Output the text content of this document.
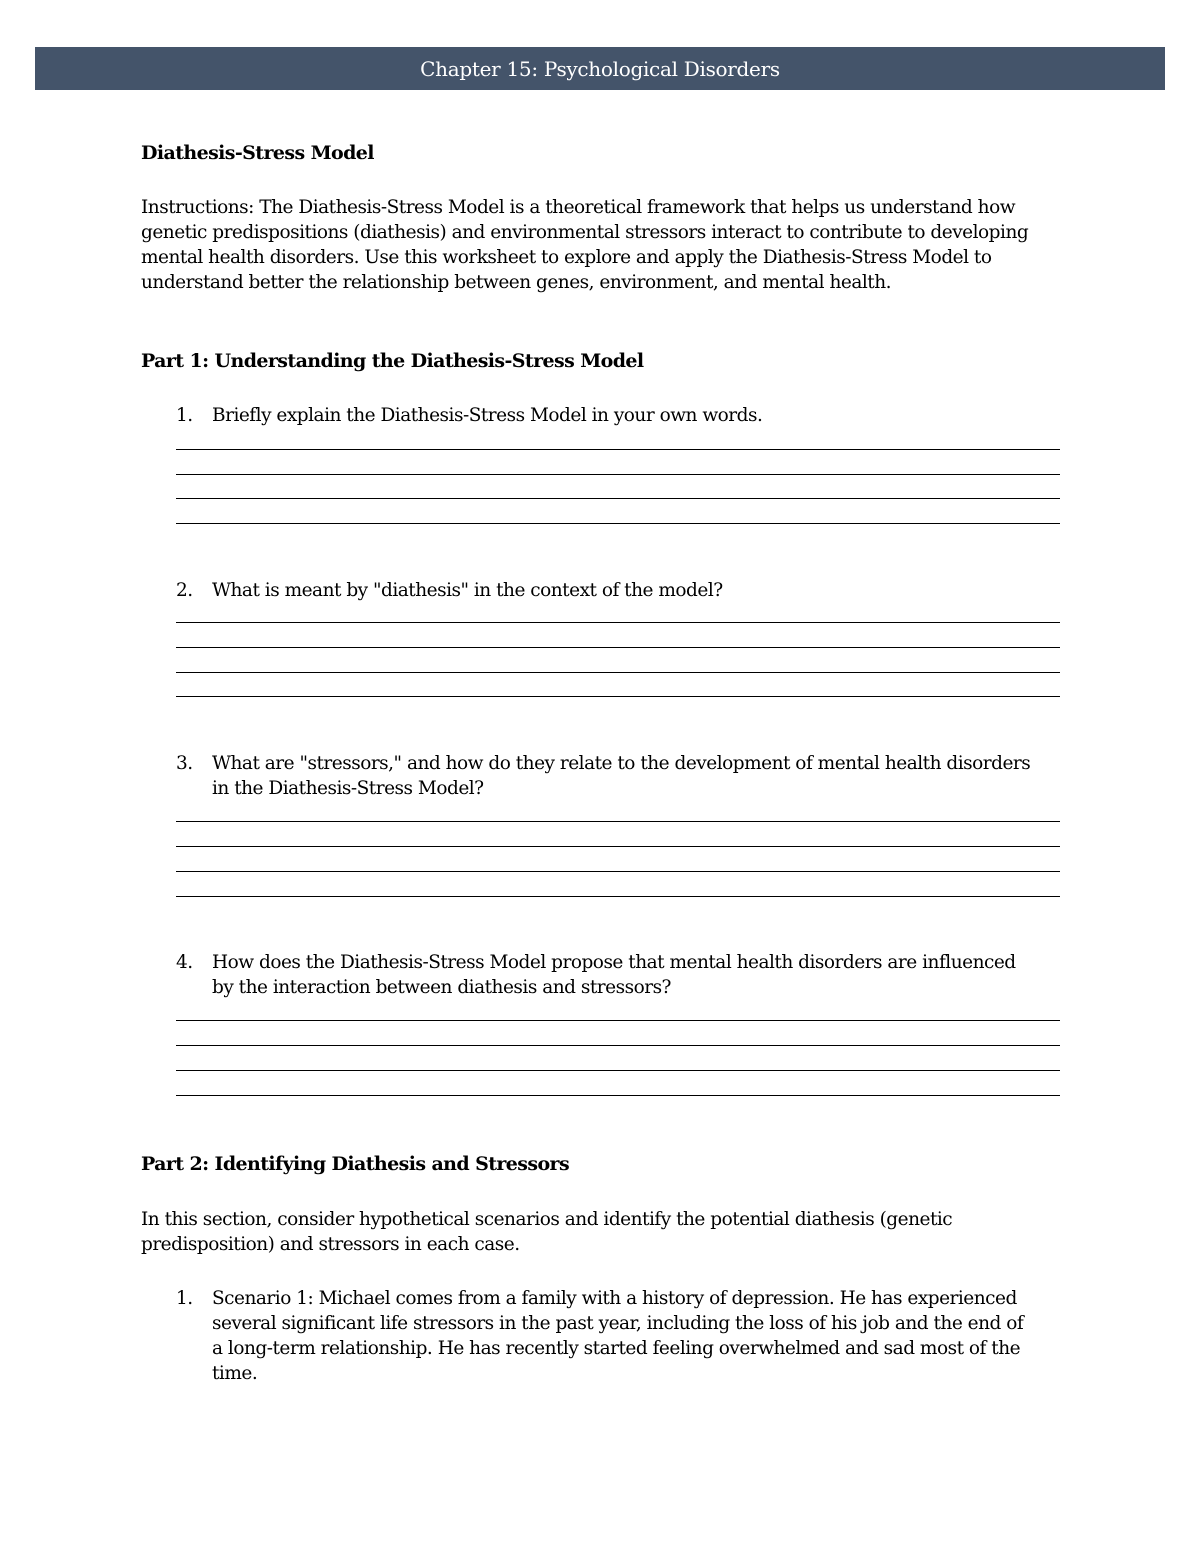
Chapter 15: Psychological Disorders

Diathesis-Stress Model

Instructions: The Diathesis-Stress Model is a theoretical framework that helps us understand how genetic predispositions (diathesis) and environmental stressors interact to contribute to developing mental health disorders. Use this worksheet to explore and apply the Diathesis-Stress Model to understand better the relationship between genes, environment, and mental health.

Part 1: Understanding the Diathesis-Stress Model

1. Briefly explain the Diathesis-Stress Model in your own words.
2. What is meant by "diathesis" in the context of the model?
3. What are "stressors," and how do they relate to the development of mental health disorders in the Diathesis-Stress Model?
4. How does the Diathesis-Stress Model propose that mental health disorders are influenced by the interaction between diathesis and stressors?

Part 2: Identifying Diathesis and Stressors

In this section, consider hypothetical scenarios and identify the potential diathesis (genetic predisposition) and stressors in each case.

1. Scenario 1: Michael comes from a family with a history of depression. He has experienced several significant life stressors in the past year, including the loss of his job and the end of a long-term relationship. He has recently started feeling overwhelmed and sad most of the time.
